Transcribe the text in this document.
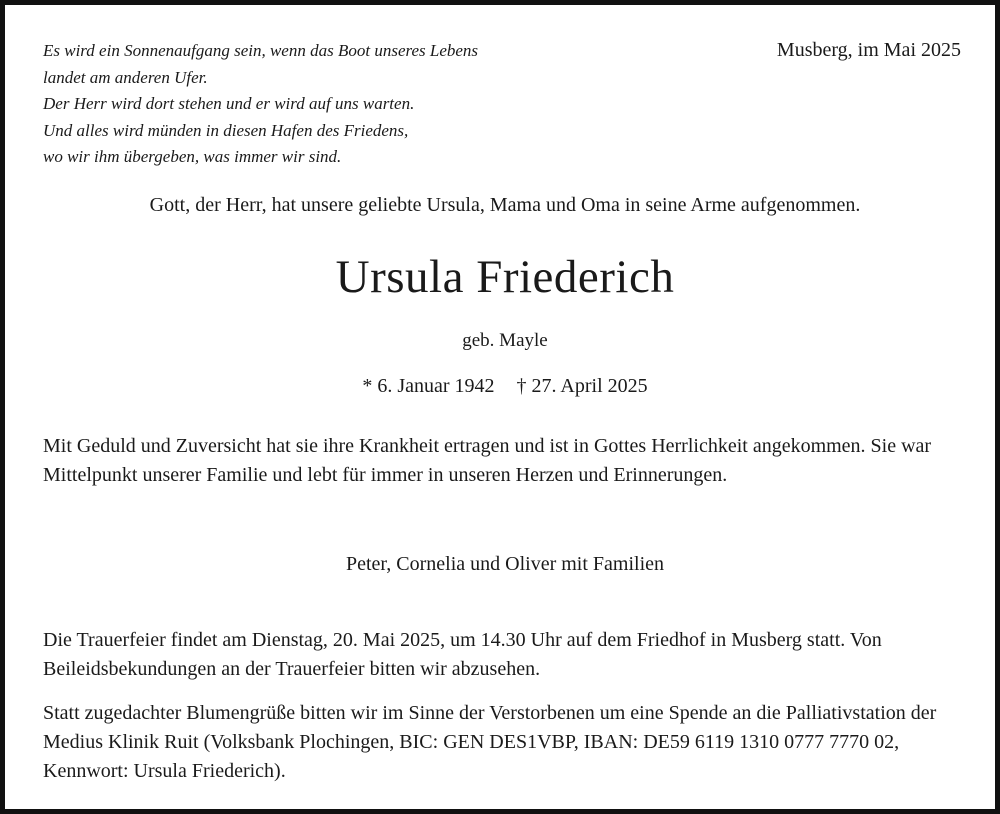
Es wird ein Sonnenaufgang sein, wenn das Boot unseres Lebens
landet am anderen Ufer.
Der Herr wird dort stehen und er wird auf uns warten.
Und alles wird münden in diesen Hafen des Friedens,
wo wir ihm übergeben, was immer wir sind.
Musberg, im Mai 2025
Gott, der Herr, hat unsere geliebte Ursula, Mama und Oma in seine Arme aufgenommen.
Ursula Friederich
geb. Mayle
* 6. Januar 1942 † 27. April 2025
Mit Geduld und Zuversicht hat sie ihre Krankheit ertragen und ist in Gottes Herrlichkeit angekommen. Sie war Mittelpunkt unserer Familie und lebt für immer in unseren Herzen und Erinnerungen.
Peter, Cornelia und Oliver mit Familien
Die Trauerfeier findet am Dienstag, 20. Mai 2025, um 14.30 Uhr auf dem Friedhof in Musberg statt. Von Beileidsbekundungen an der Trauerfeier bitten wir abzusehen.
Statt zugedachter Blumengrüße bitten wir im Sinne der Verstorbenen um eine Spende an die Palliativstation der Medius Klinik Ruit (Volksbank Plochingen, BIC: GEN DES1VBP, IBAN: DE59 6119 1310 0777 7770 02, Kennwort: Ursula Friederich).
